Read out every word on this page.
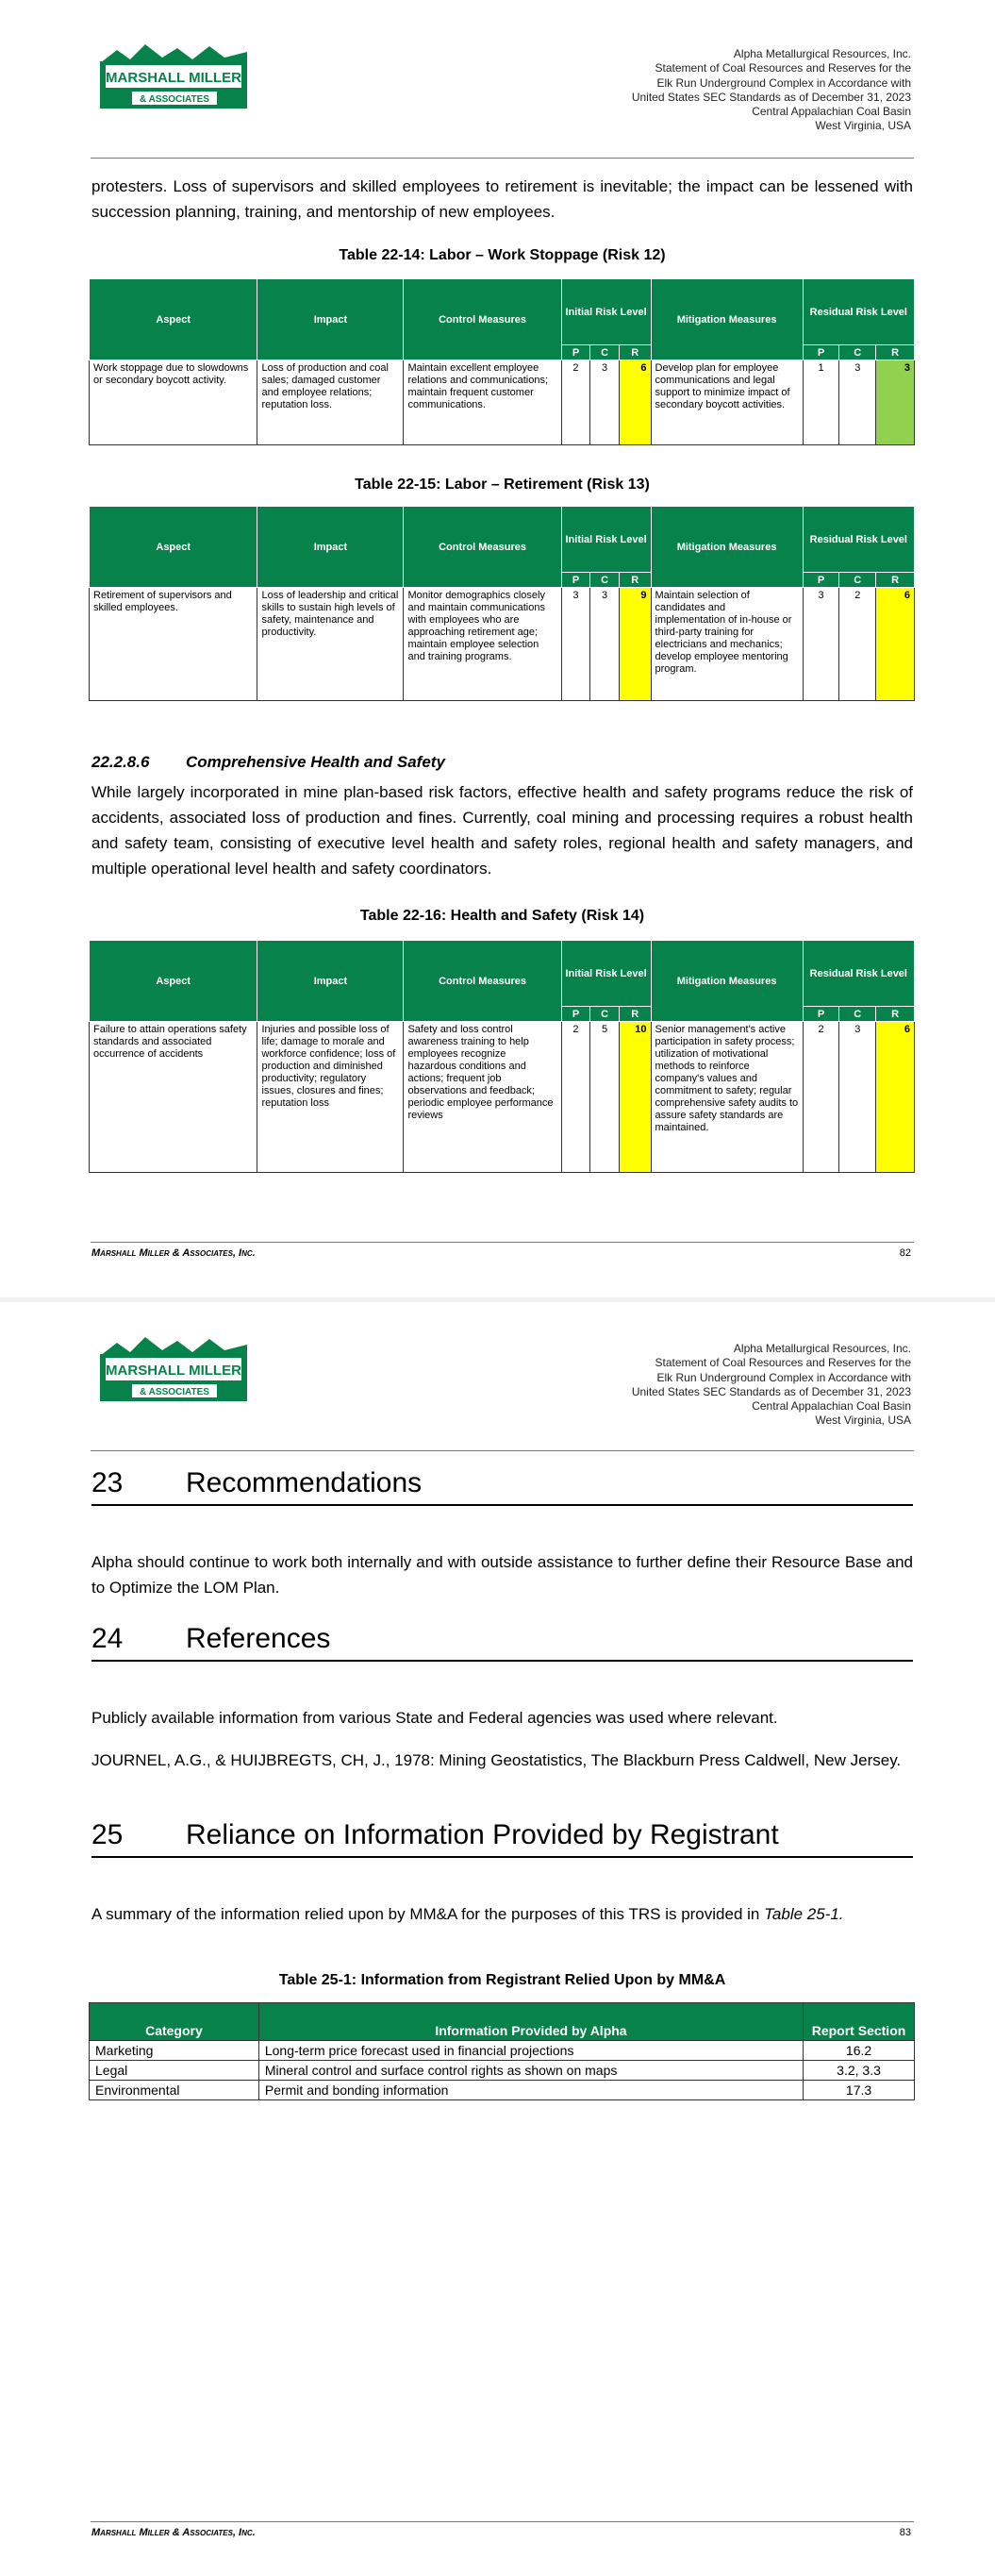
MARSHALL MILLER
& ASSOCIATES
Alpha Metallurgical Resources, Inc.
Statement of Coal Resources and Reserves for the
Elk Run Underground Complex in Accordance with
United States SEC Standards as of December 31, 2023
Central Appalachian Coal Basin
West Virginia, USA
protesters. Loss of supervisors and skilled employees to retirement is inevitable; the impact can be lessened with succession planning, training, and mentorship of new employees.
Table 22-14: Labor – Work Stoppage (Risk 12)
Aspect	Impact	Control Measures	Initial Risk Level			Mitigation Measures	Residual Risk Level		
			P	C	R		P	C	R
Work stoppage due to slowdowns or secondary boycott activity.	Loss of production and coal sales; damaged customer and employee relations; reputation loss.	Maintain excellent employee relations and communications; maintain frequent customer communications.	2	3	6	Develop plan for employee communications and legal support to minimize impact of secondary boycott activities.	1	3	3
Table 22-15: Labor – Retirement (Risk 13)
Aspect	Impact	Control Measures	Initial Risk Level			Mitigation Measures	Residual Risk Level		
			P	C	R		P	C	R
Retirement of supervisors and skilled employees.	Loss of leadership and critical skills to sustain high levels of safety, maintenance and productivity.	Monitor demographics closely and maintain communications with employees who are approaching retirement age; maintain employee selection and training programs.	3	3	9	Maintain selection of candidates and implementation of in-house or third-party training for electricians and mechanics; develop employee mentoring program.	3	2	6
22.2.8.6 Comprehensive Health and Safety
While largely incorporated in mine plan-based risk factors, effective health and safety programs reduce the risk of accidents, associated loss of production and fines. Currently, coal mining and processing requires a robust health and safety team, consisting of executive level health and safety roles, regional health and safety managers, and multiple operational level health and safety coordinators.
Table 22-16: Health and Safety (Risk 14)
Aspect	Impact	Control Measures	Initial Risk Level			Mitigation Measures	Residual Risk Level		
			P	C	R		P	C	R
Failure to attain operations safety standards and associated occurrence of accidents	Injuries and possible loss of life; damage to morale and workforce confidence; loss of production and diminished productivity; regulatory issues, closures and fines; reputation loss	Safety and loss control awareness training to help employees recognize hazardous conditions and actions; frequent job observations and feedback; periodic employee performance reviews	2	5	10	Senior management's active participation in safety process; utilization of motivational methods to reinforce company's values and commitment to safety; regular comprehensive safety audits to assure safety standards are maintained.	2	3	6
Marshall Miller & Associates, Inc.	82
MARSHALL MILLER
& ASSOCIATES
Alpha Metallurgical Resources, Inc.
Statement of Coal Resources and Reserves for the
Elk Run Underground Complex in Accordance with
United States SEC Standards as of December 31, 2023
Central Appalachian Coal Basin
West Virginia, USA
23 Recommendations
Alpha should continue to work both internally and with outside assistance to further define their Resource Base and to Optimize the LOM Plan.
24 References
Publicly available information from various State and Federal agencies was used where relevant.
JOURNEL, A.G., & HUIJBREGTS, CH, J., 1978: Mining Geostatistics, The Blackburn Press Caldwell, New Jersey.
25 Reliance on Information Provided by Registrant
A summary of the information relied upon by MM&A for the purposes of this TRS is provided in Table 25-1.
Table 25-1: Information from Registrant Relied Upon by MM&A
Category	Information Provided by Alpha	Report Section
Marketing	Long-term price forecast used in financial projections	16.2
Legal	Mineral control and surface control rights as shown on maps	3.2, 3.3
Environmental	Permit and bonding information	17.3
Marshall Miller & Associates, Inc.	83
